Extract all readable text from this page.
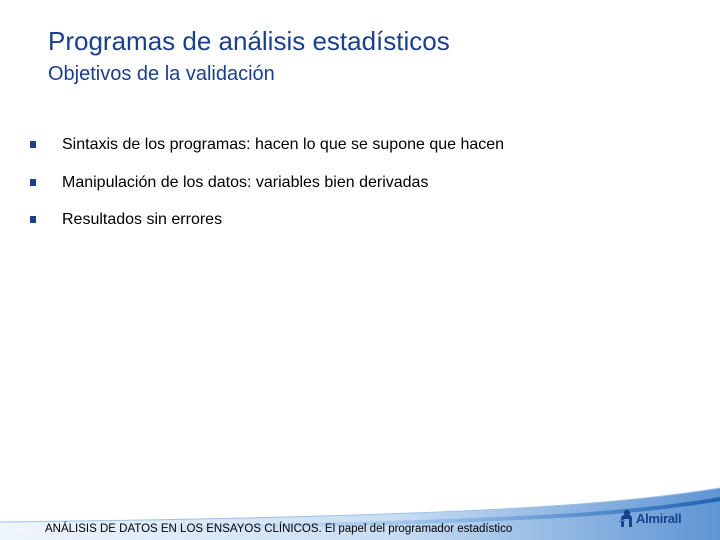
Programas de análisis estadísticos
Objetivos de la validación
Sintaxis de los programas: hacen lo que se supone que hacen
Manipulación de los datos: variables bien derivadas
Resultados sin errores
ANÁLISIS DE DATOS EN LOS ENSAYOS CLÍNICOS. El papel del programador estadístico
Almirall
